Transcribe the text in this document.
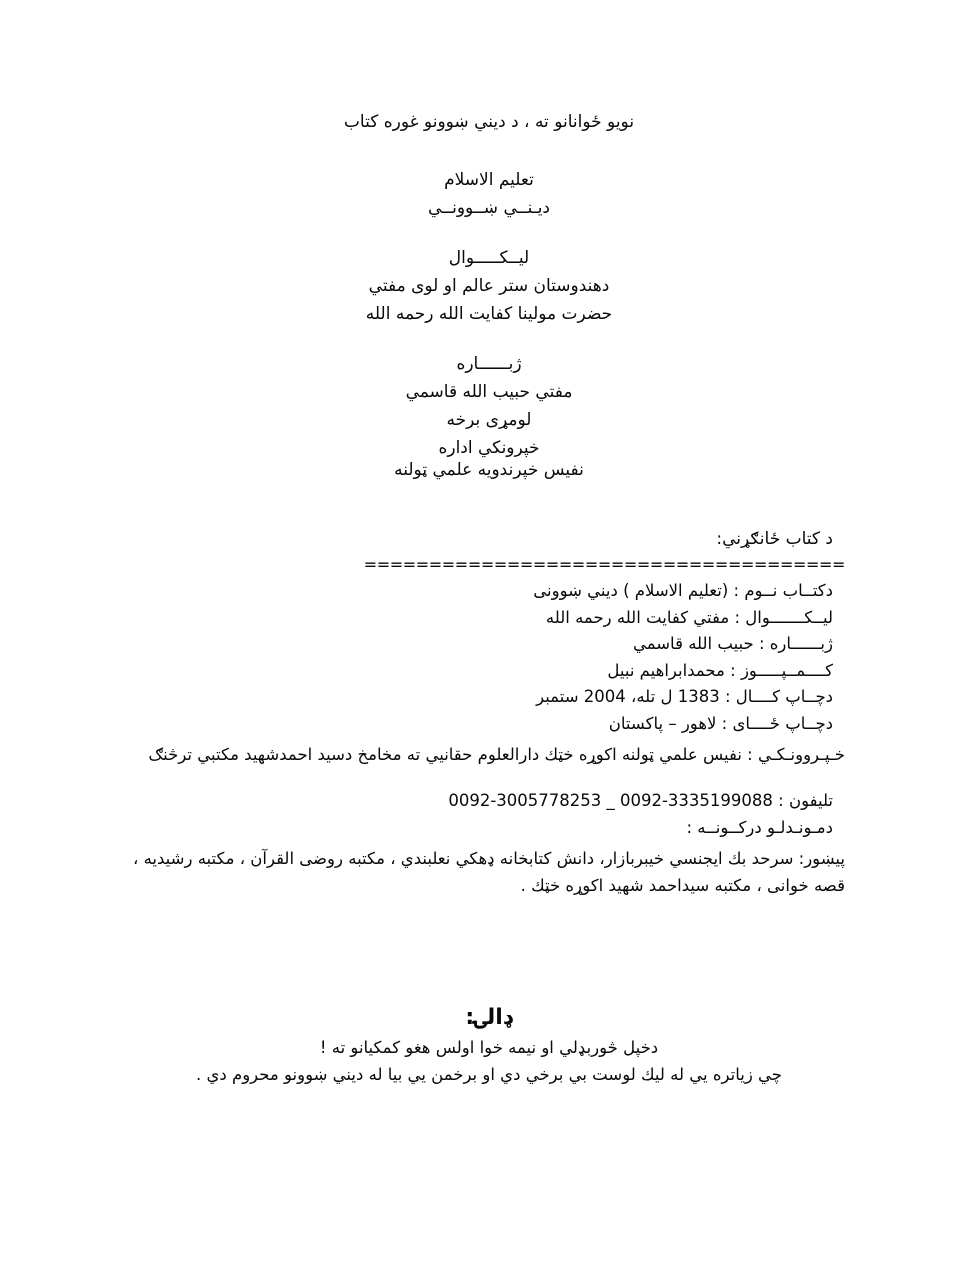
نویو ځوانانو ته ، د دیني ښوونو غوره کتاب
تعلیم الاسلام
دیـنــي ښــوونــي
لیــکـــــوال
دهندوستان ستر عالم او لوی مفتي
حضرت مولینا کفایت الله رحمه الله
ژبــــــاره
مفتي حبیب الله قاسمي
لومړی برخه
خپرونکي اداره
نفیس خپرندویه علمي ټولنه
د کتاب ځانګړني:
=====================================
دکتــاب نــوم : (تعلیم الاسلام ) دیني ښوونی
لیــکـــــــوال : مفتي کفایت الله رحمه الله
ژبــــــاره : حبیب الله قاسمي
کــــمــپـــــوز : محمدابراهیم نبیل
دچــاپ کــــال : 1383 ل تله، 2004 ستمبر
دچــاپ ځــــای : لاهور – پاکستان
خـپـروونـکـي : نفیس علمي ټولنه اکوړه خټك دارالعلوم حقانیي ته مخامخ دسید احمدشهید مكتبي ترڅنګ
تلیفون : 0092-3005778253 _ 0092-3335199088
دمـونـدلـو درکــونــه :
پیښور: سرحد بك ایجنسي خیبربازار، دانش كتابخانه ډهكي نعلبندي ، مكتبه روضی القرآن ، مكتبه رشیدیه ، قصه خوانی ، مكتبه سیداحمد شهید اكوړه خټك .
ډالۍ:
دخپل څوربډلي او نیمه خوا اولس هغو كمكیانو ته !
چي زیاتره یي له لیك لوست بي برخي دي او برخمن یي بیا له دیني ښوونو محروم دي .
